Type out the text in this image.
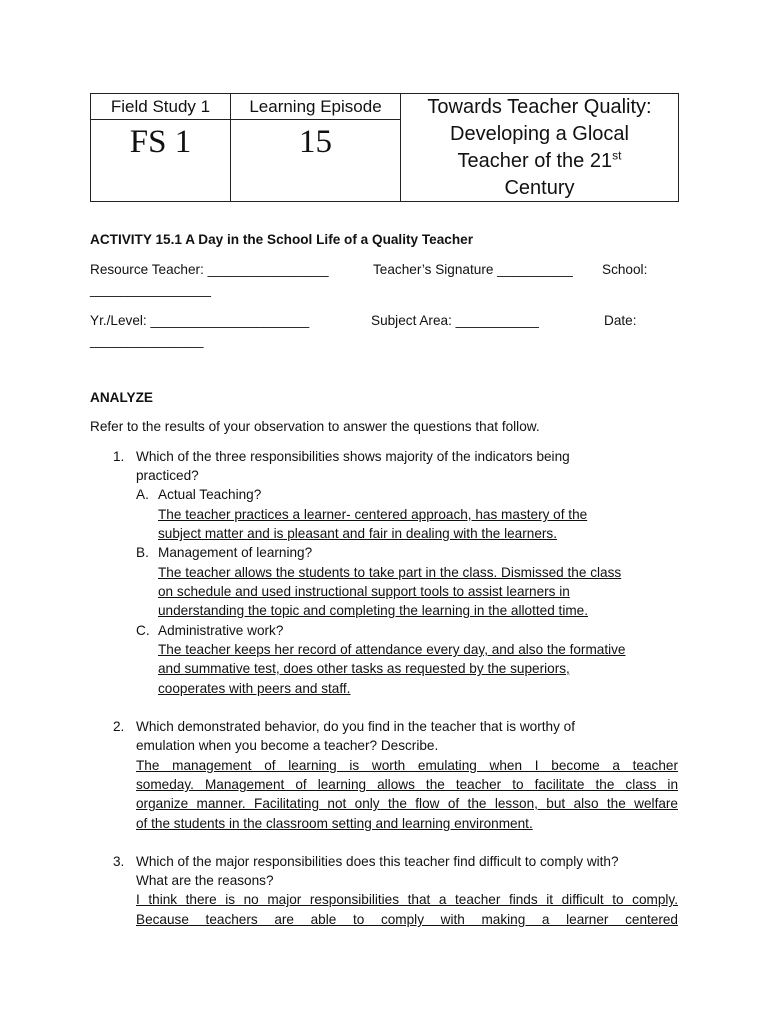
Field Study 1	Learning Episode
FS 1	15
Towards Teacher Quality:
Developing a Glocal
Teacher of the 21st
Century
ACTIVITY 15.1 A Day in the School Life of a Quality Teacher
Resource Teacher: ________________	Teacher’s Signature __________ School:
________________
Yr./Level: _____________________	Subject Area: ___________	Date:
_______________
ANALYZE
Refer to the results of your observation to answer the questions that follow.
1. Which of the three responsibilities shows majority of the indicators being
practiced?
A. Actual Teaching?
The teacher practices a learner- centered approach, has mastery of the
subject matter and is pleasant and fair in dealing with the learners.
B. Management of learning?
The teacher allows the students to take part in the class. Dismissed the class
on schedule and used instructional support tools to assist learners in
understanding the topic and completing the learning in the allotted time.
C. Administrative work?
The teacher keeps her record of attendance every day, and also the formative
and summative test, does other tasks as requested by the superiors,
cooperates with peers and staff.
2. Which demonstrated behavior, do you find in the teacher that is worthy of
emulation when you become a teacher? Describe.
The management of learning is worth emulating when I become a teacher
someday. Management of learning allows the teacher to facilitate the class in
organize manner. Facilitating not only the flow of the lesson, but also the welfare
of the students in the classroom setting and learning environment.
3. Which of the major responsibilities does this teacher find difficult to comply with?
What are the reasons?
I think there is no major responsibilities that a teacher finds it difficult to comply.
Because teachers are able to comply with making a learner centered
